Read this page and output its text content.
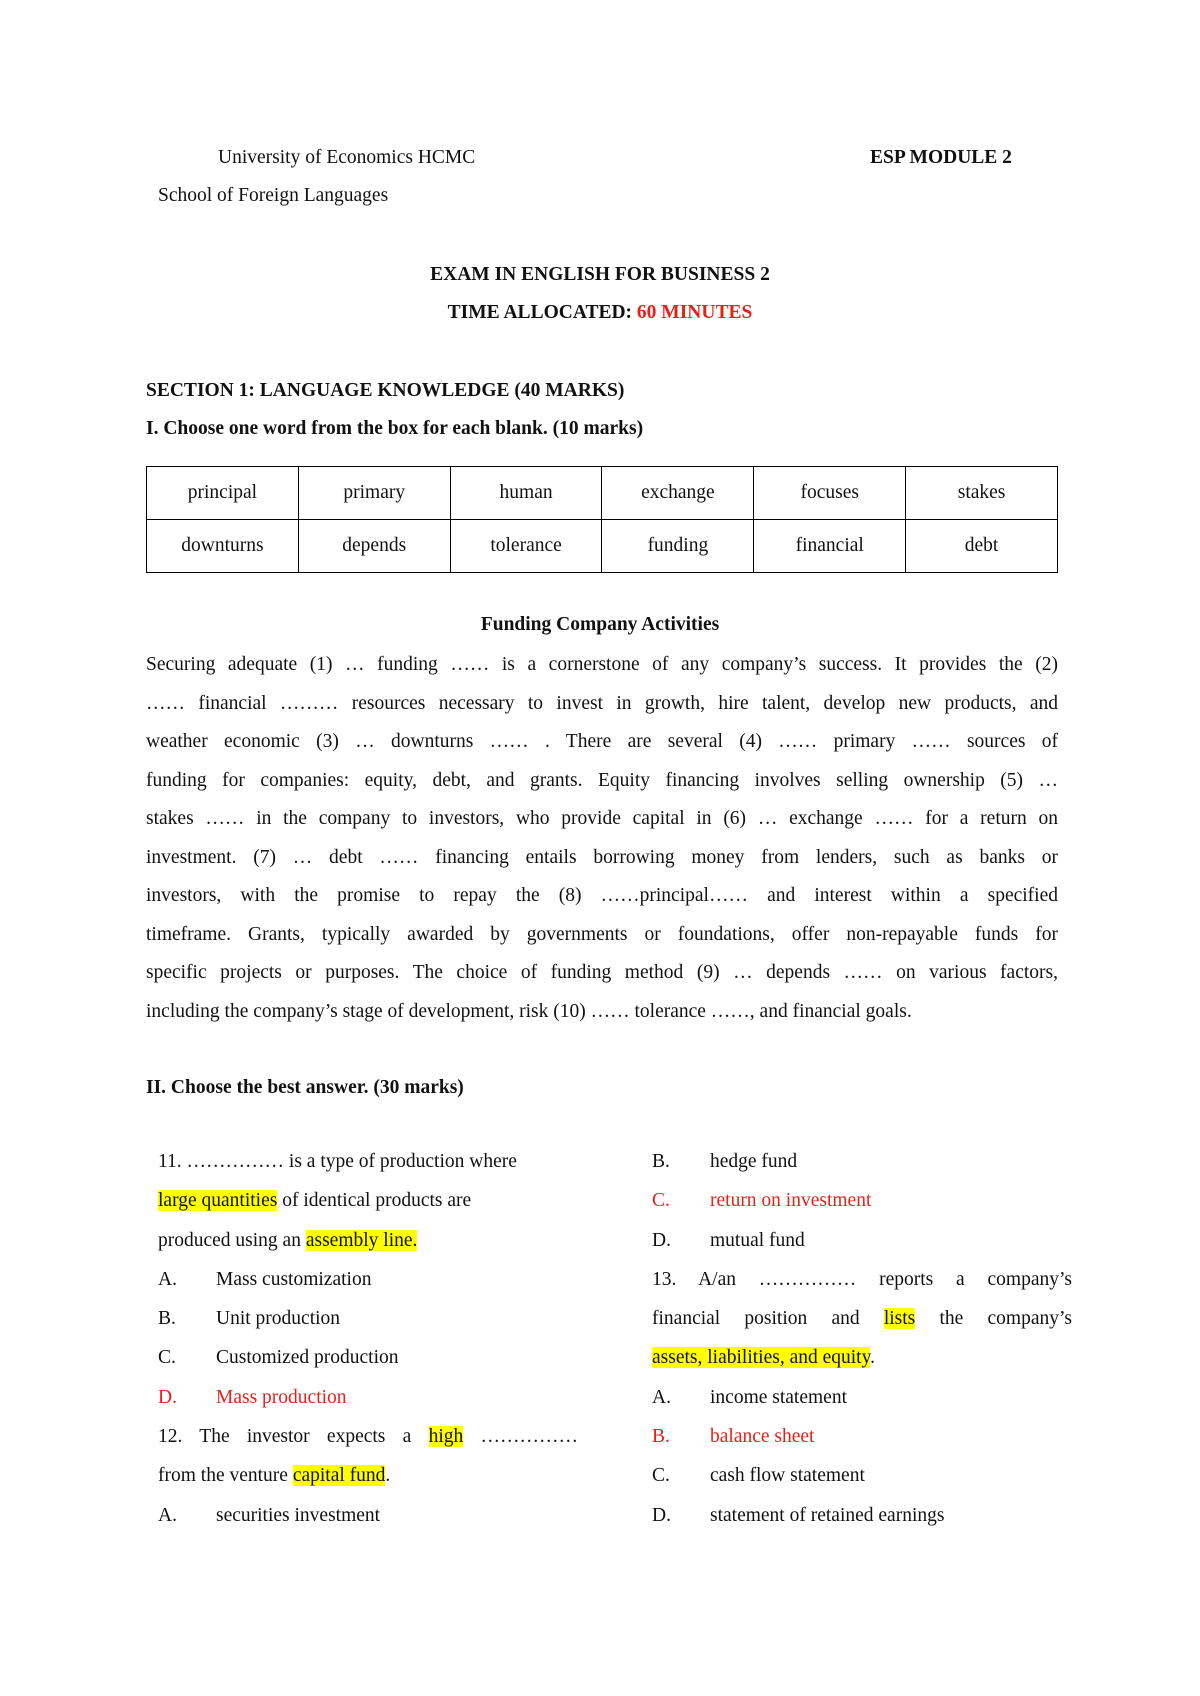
University of Economics HCMC	ESP MODULE 2
School of Foreign Languages
EXAM IN ENGLISH FOR BUSINESS 2
TIME ALLOCATED: 60 MINUTES
SECTION 1: LANGUAGE KNOWLEDGE (40 MARKS)
I. Choose one word from the box for each blank. (10 marks)
principal	primary	human	exchange	focuses	stakes
downturns	depends	tolerance	funding	financial	debt
Funding Company Activities
Securing adequate (1) … funding …… is a cornerstone of any company’s success. It provides the (2)
…… financial ……… resources necessary to invest in growth, hire talent, develop new products, and
weather economic (3) … downturns …… . There are several (4) …… primary …… sources of
funding for companies: equity, debt, and grants. Equity financing involves selling ownership (5) …
stakes …… in the company to investors, who provide capital in (6) … exchange …… for a return on
investment. (7) … debt …… financing entails borrowing money from lenders, such as banks or
investors, with the promise to repay the (8) ……principal…… and interest within a specified
timeframe. Grants, typically awarded by governments or foundations, offer non-repayable funds for
specific projects or purposes. The choice of funding method (9) … depends …… on various factors,
including the company’s stage of development, risk (10) …… tolerance ……, and financial goals.
II. Choose the best answer. (30 marks)
11. …………… is a type of production where
large quantities of identical products are
produced using an assembly line.
A. Mass customization
B. Unit production
C. Customized production
D. Mass production
12. The investor expects a high ……………
from the venture capital fund.
A. securities investment
B. hedge fund
C. return on investment
D. mutual fund
13. A/an …………… reports a company’s
financial position and lists the company’s
assets, liabilities, and equity.
A. income statement
B. balance sheet
C. cash flow statement
D. statement of retained earnings
